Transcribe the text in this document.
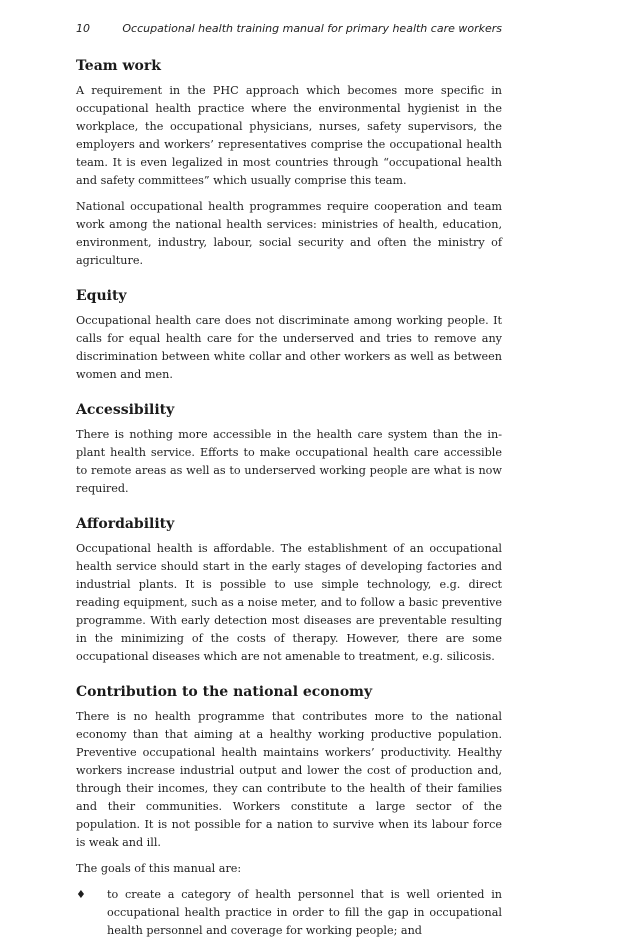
10	Occupational health training manual for primary health care workers
Team work

A requirement in the PHC approach which becomes more specific in occupational health practice where the environmental hygienist in the workplace, the occupational physicians, nurses, safety supervisors, the employers and workers’ representatives comprise the occupational health team. It is even legalized in most countries through “occupational health and safety committees” which usually comprise this team.

National occupational health programmes require cooperation and team work among the national health services: ministries of health, education, environment, industry, labour, social security and often the ministry of agriculture.

Equity

Occupational health care does not discriminate among working people. It calls for equal health care for the underserved and tries to remove any discrimination between white collar and other workers as well as between women and men.

Accessibility

There is nothing more accessible in the health care system than the in-plant health service. Efforts to make occupational health care accessible to remote areas as well as to underserved working people are what is now required.

Affordability

Occupational health is affordable. The establishment of an occupational health service should start in the early stages of developing factories and industrial plants. It is possible to use simple technology, e.g. direct reading equipment, such as a noise meter, and to follow a basic preventive programme. With early detection most diseases are preventable resulting in the minimizing of the costs of therapy. However, there are some occupational diseases which are not amenable to treatment, e.g. silicosis.

Contribution to the national economy

There is no health programme that contributes more to the national economy than that aiming at a healthy working productive population. Preventive occupational health maintains workers’ productivity. Healthy workers increase industrial output and lower the cost of production and, through their incomes, they can contribute to the health of their families and their communities. Workers constitute a large sector of the population. It is not possible for a nation to survive when its labour force is weak and ill.

The goals of this manual are:

♦ to create a category of health personnel that is well oriented in occupational health practice in order to fill the gap in occupational health personnel and coverage for working people; and
